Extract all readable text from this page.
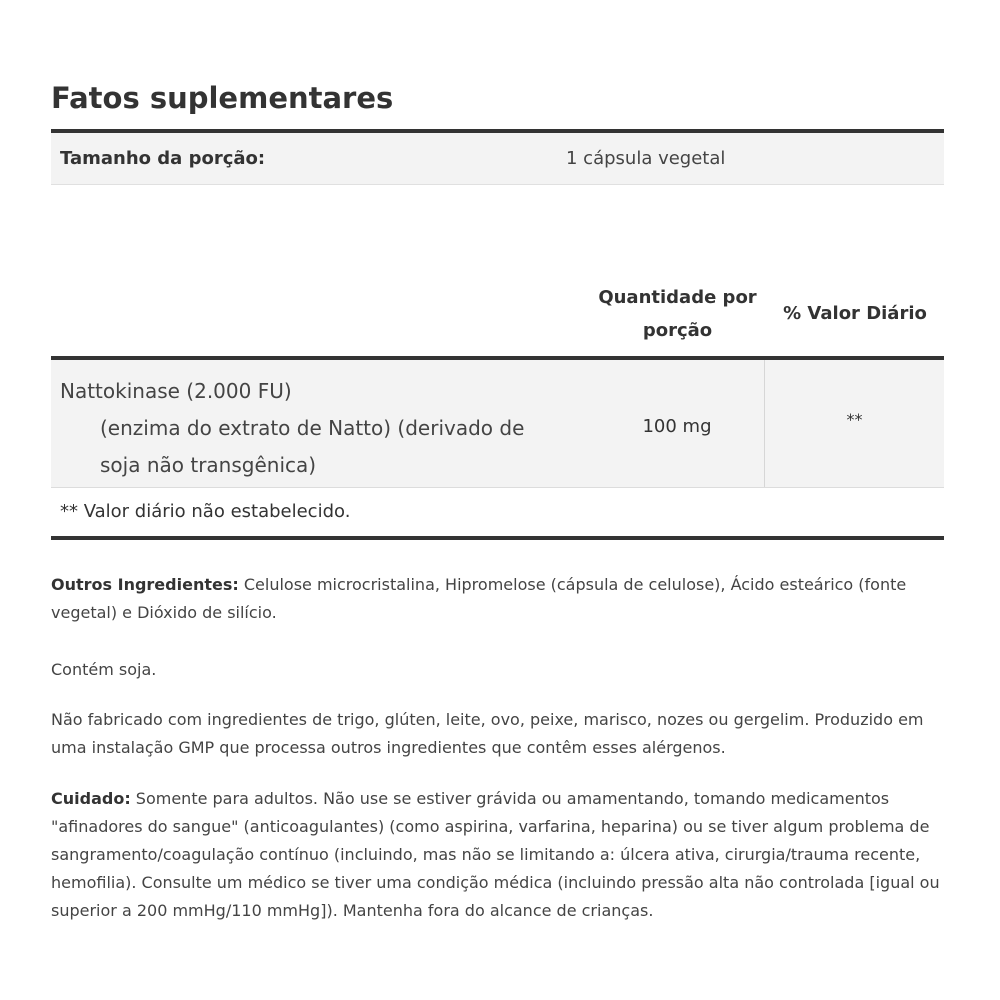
Fatos suplementares
Tamanho da porção:	1 cápsula vegetal
Quantidade por porção
% Valor Diário
Nattokinase (2.000 FU)
(enzima do extrato de Natto) (derivado de soja não transgênica)
100 mg	**
** Valor diário não estabelecido.

Outros Ingredientes: Celulose microcristalina, Hipromelose (cápsula de celulose), Ácido esteárico (fonte vegetal) e Dióxido de silício.

Contém soja.

Não fabricado com ingredientes de trigo, glúten, leite, ovo, peixe, marisco, nozes ou gergelim. Produzido em uma instalação GMP que processa outros ingredientes que contêm esses alérgenos.

Cuidado: Somente para adultos. Não use se estiver grávida ou amamentando, tomando medicamentos "afinadores do sangue" (anticoagulantes) (como aspirina, varfarina, heparina) ou se tiver algum problema de sangramento/coagulação contínuo (incluindo, mas não se limitando a: úlcera ativa, cirurgia/trauma recente, hemofilia). Consulte um médico se tiver uma condição médica (incluindo pressão alta não controlada [igual ou superior a 200 mmHg/110 mmHg]). Mantenha fora do alcance de crianças.
